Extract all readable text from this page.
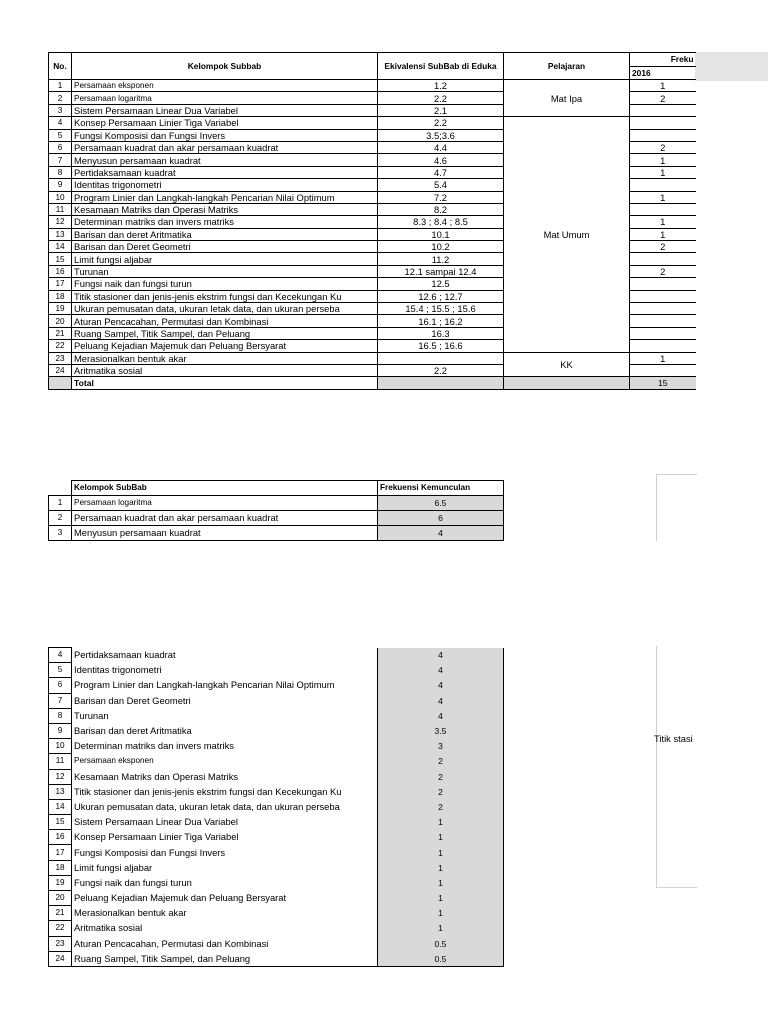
No.	Kelompok Subbab	Ekivalensi SubBab di Eduka	Pelajaran	Freku
				2016
1	Persamaan eksponen	1.2	Mat Ipa	1
2	Persamaan logaritma	2.2		2
3	Sistem Persamaan Linear Dua Variabel	2.1		
4	Konsep Persamaan Linier Tiga Variabel	2.2	Mat Umum	
5	Fungsi Komposisi dan Fungsi Invers	3.5;3.6		
6	Persamaan kuadrat dan akar persamaan kuadrat	4.4		2
7	Menyusun persamaan kuadrat	4.6		1
8	Pertidaksamaan kuadrat	4.7		1
9	Identitas trigonometri	5.4		
10	Program Linier dan Langkah-langkah Pencarian Nilai Optimum	7.2		1
11	Kesamaan Matriks dan Operasi Matriks	8.2		
12	Determinan matriks dan invers matriks	8.3 ; 8.4 ; 8.5		1
13	Barisan dan deret Aritmatika	10.1		1
14	Barisan dan Deret Geometri	10.2		2
15	Limit fungsi aljabar	11.2		
16	Turunan	12.1 sampai 12.4		2
17	Fungsi naik dan fungsi turun	12.5		
18	Titik stasioner dan jenis-jenis ekstrim fungsi dan Kecekungan Ku	12.6 ; 12.7		
19	Ukuran pemusatan data, ukuran letak data, dan ukuran perseba	15.4 ; 15.5 ; 15.6		
20	Aturan Pencacahan, Permutasi dan Kombinasi	16.1 ; 16.2		
21	Ruang Sampel, Titik Sampel, dan Peluang	16.3		
22	Peluang Kejadian Majemuk dan Peluang Bersyarat	16.5 ; 16.6		
23	Merasionalkan bentuk akar		KK	1
24	Aritmatika sosial	2.2		
	Total			15
	Kelompok SubBab	Frekuensi Kemunculan
1	Persamaan logaritma	6.5
2	Persamaan kuadrat dan akar persamaan kuadrat	6
3	Menyusun persamaan kuadrat	4
4	Pertidaksamaan kuadrat	4
5	Identitas trigonometri	4
6	Program Linier dan Langkah-langkah Pencarian Nilai Optimum	4
7	Barisan dan Deret Geometri	4
8	Turunan	4
9	Barisan dan deret Aritmatika	3.5
10	Determinan matriks dan invers matriks	3
11	Persamaan eksponen	2
12	Kesamaan Matriks dan Operasi Matriks	2
13	Titik stasioner dan jenis-jenis ekstrim fungsi dan Kecekungan Ku	2
14	Ukuran pemusatan data, ukuran letak data, dan ukuran perseba	2
15	Sistem Persamaan Linear Dua Variabel	1
16	Konsep Persamaan Linier Tiga Variabel	1
17	Fungsi Komposisi dan Fungsi Invers	1
18	Limit fungsi aljabar	1
19	Fungsi naik dan fungsi turun	1
20	Peluang Kejadian Majemuk dan Peluang Bersyarat	1
21	Merasionalkan bentuk akar	1
22	Aritmatika sosial	1
23	Aturan Pencacahan, Permutasi dan Kombinasi	0.5
24	Ruang Sampel, Titik Sampel, dan Peluang	0.5
Titik stasi
